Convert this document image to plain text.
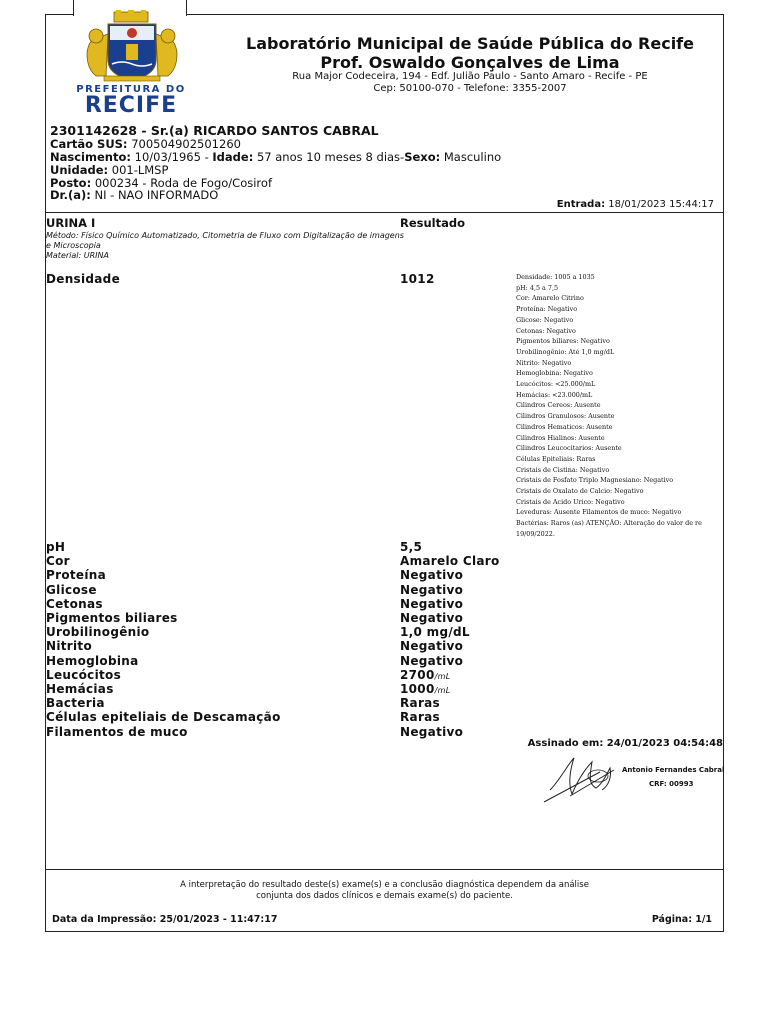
PREFEITURA DO
RECIFE
Laboratório Municipal de Saúde Pública do Recife
Prof. Oswaldo Gonçalves de Lima
Rua Major Codeceira, 194 - Edf. Julião Paulo - Santo Amaro - Recife - PE
Cep: 50100-070 - Telefone: 3355-2007
2301142628 - Sr.(a) RICARDO SANTOS CABRAL
Cartão SUS: 700504902501260
Nascimento: 10/03/1965 - Idade: 57 anos 10 meses 8 dias-Sexo: Masculino
Unidade: 001-LMSP
Posto: 000234 - Roda de Fogo/Cosirof
Dr.(a): NI - NAO INFORMADO
Entrada: 18/01/2023 15:44:17
URINA I	Resultado
Método: Físico Químico Automatizado, Citometria de Fluxo com Digitalização de imagens e Microscopia
Material: URINA
Densidade	1012	Densidade: 1005 a 1035
pH: 4,5 a 7,5
Cor: Amarelo Citrino
Proteína: Negativo
Glicose: Negativo
Cetonas: Negativo
Pigmentos biliares: Negativo
Urobilinogênio: Até 1,0 mg/dL
Nitrito: Negativo
Hemoglobina: Negativo
Leucócitos: <25.000/mL
Hemácias: <23.000/mL
Cilindros Cereos: Ausente
Cilindros Granulosos: Ausente
Cilindros Hematicos: Ausente
Cilindros Hialinos: Ausente
Cilindros Leucocitarios: Ausente
Células Epiteliais: Raras
Cristais de Cistina: Negativo
Cristais de Fosfato Triplo Magnesiano: Negativo
Cristais de Oxalato de Calcio: Negativo
Cristais de Acido Urico: Negativo
Leveduras: Ausente Filamentos de muco: Negativo
Bactérias: Raros (as) ATENÇÃO: Alteração do valor de re
19/09/2022.
pH	5,5
Cor	Amarelo Claro
Proteína	Negativo
Glicose	Negativo
Cetonas	Negativo
Pigmentos biliares	Negativo
Urobilinogênio	1,0 mg/dL
Nitrito	Negativo
Hemoglobina	Negativo
Leucócitos	2700/mL
Hemácias	1000/mL
Bacteria	Raras
Células epiteliais de Descamação	Raras
Filamentos de muco	Negativo
Assinado em: 24/01/2023 04:54:48
Antonio Fernandes Cabral
CRF: 00993
A interpretação do resultado deste(s) exame(s) e a conclusão diagnóstica dependem da análise
conjunta dos dados clínicos e demais exame(s) do paciente.
Data da Impressão: 25/01/2023 - 11:47:17	Página: 1/1
